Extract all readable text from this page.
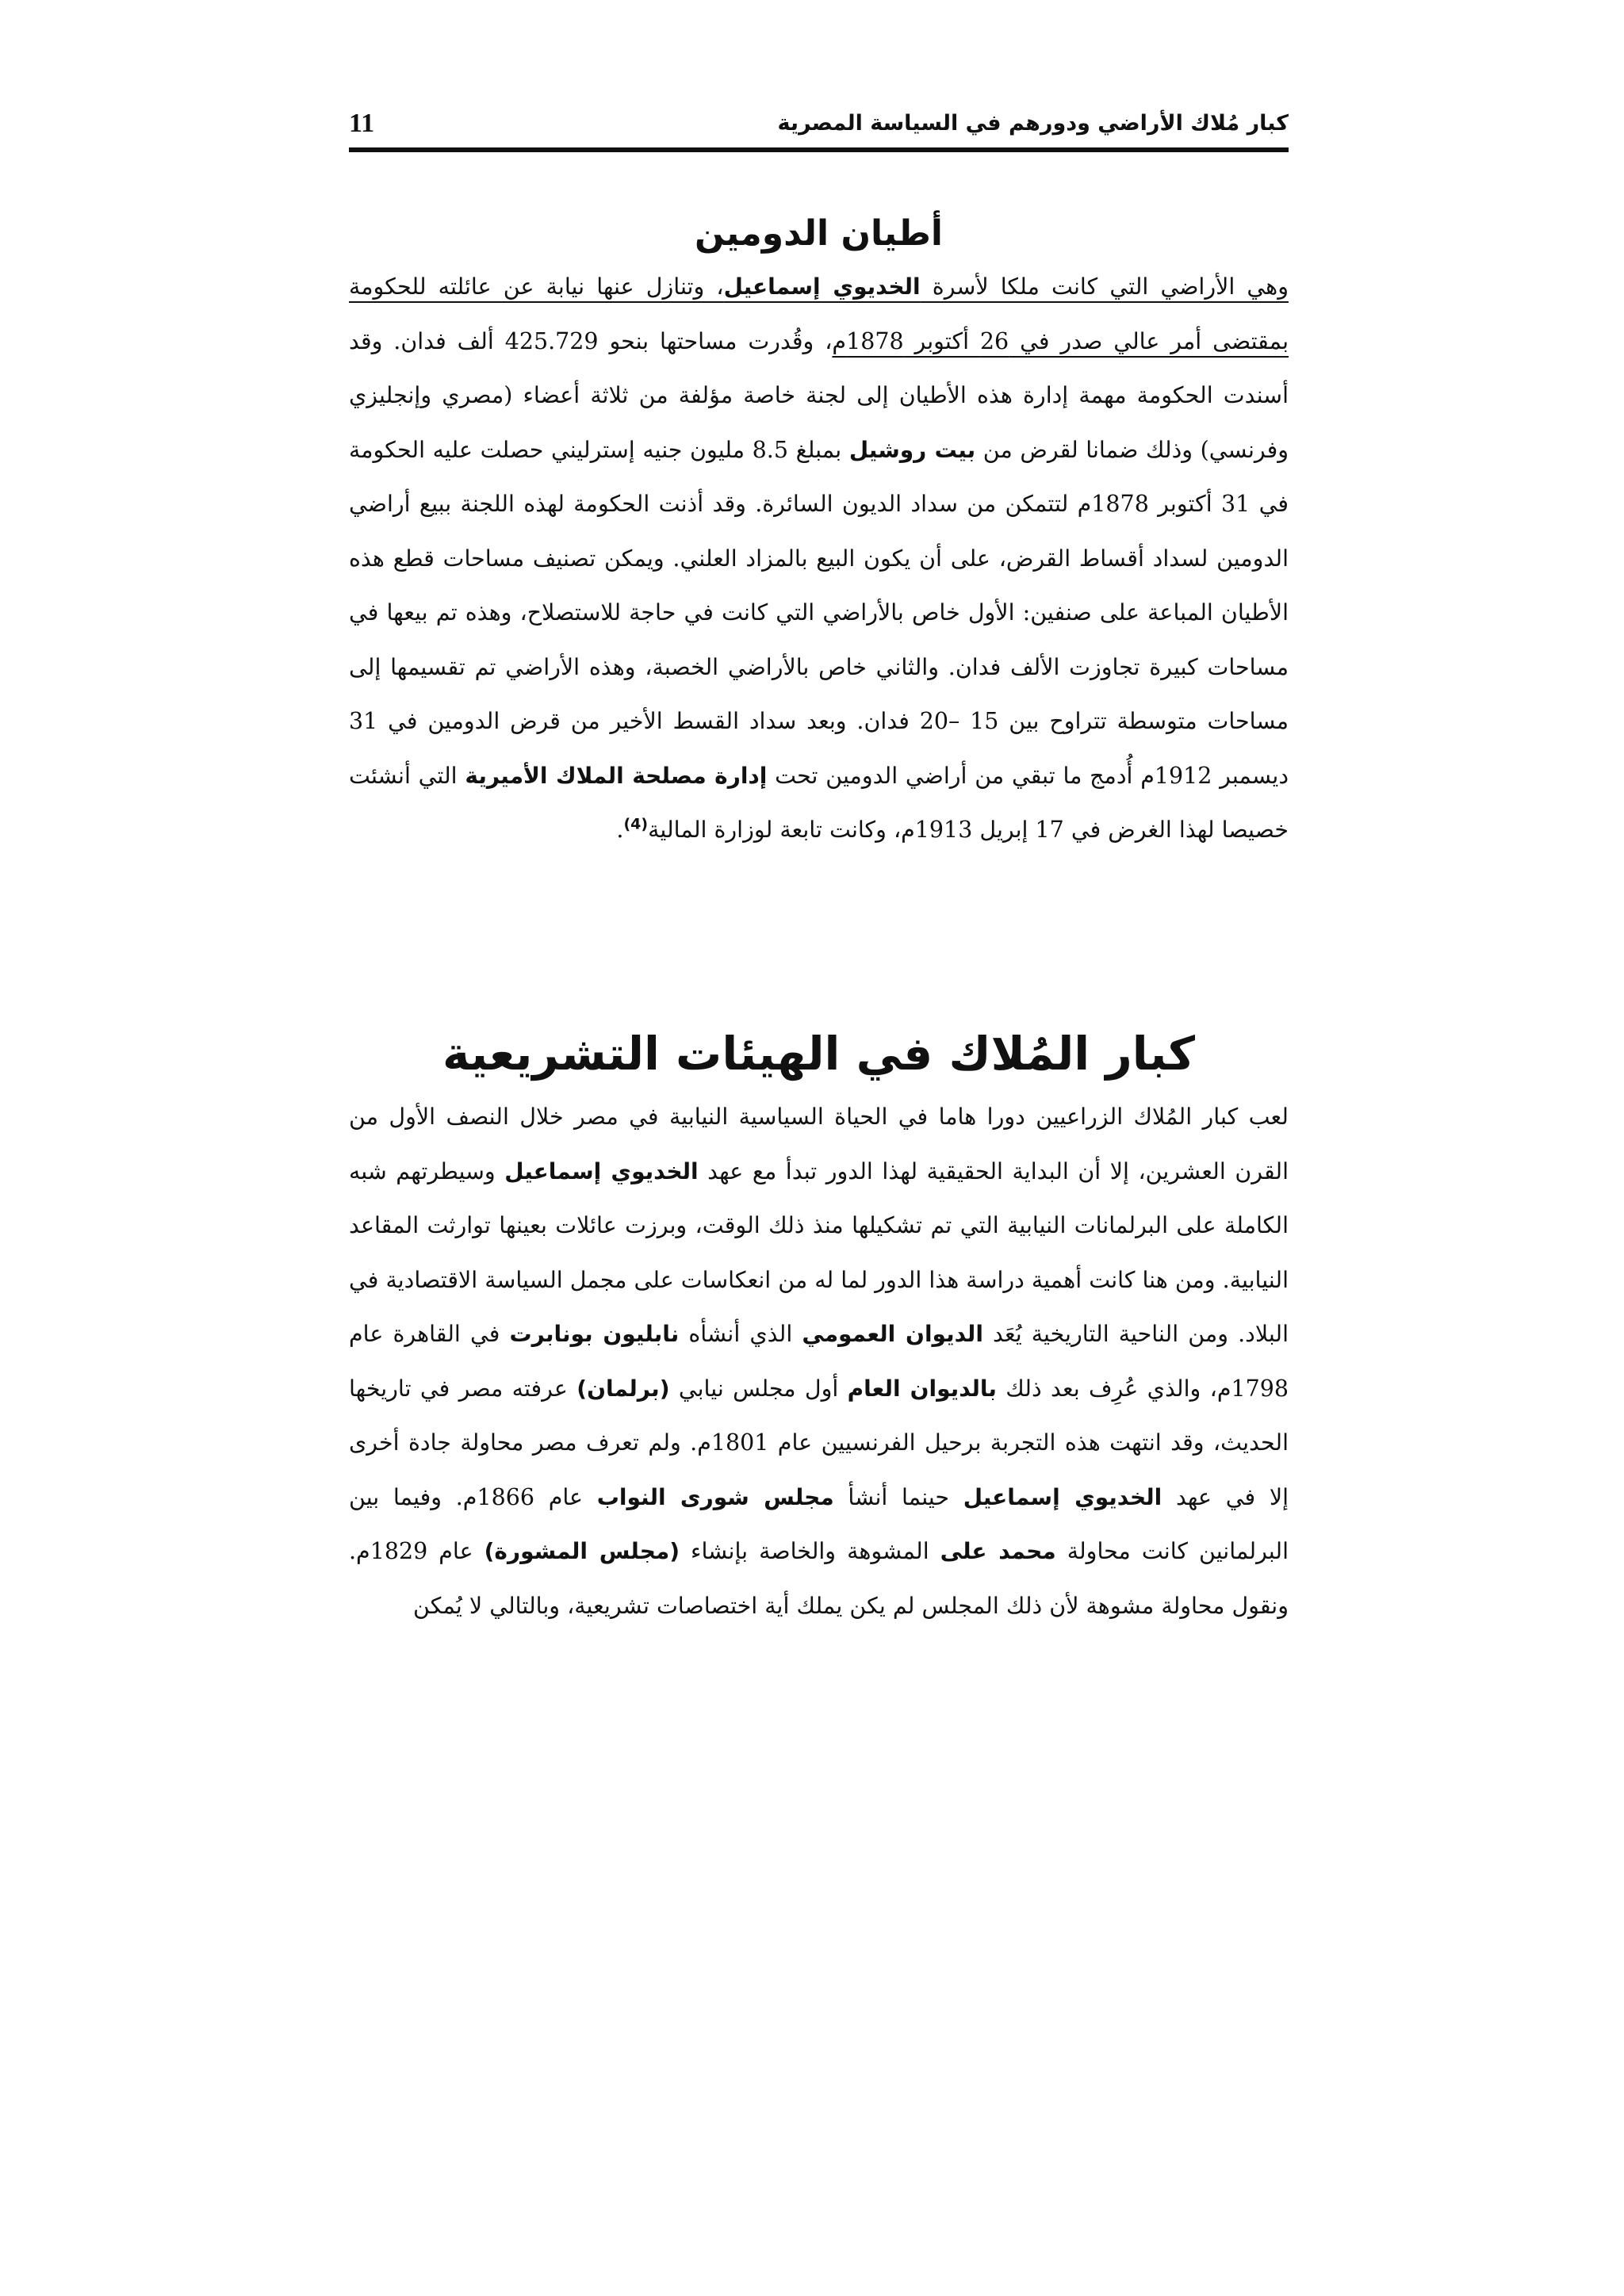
كبار مُلاك الأراضي ودورهم في السياسة المصرية
11
أطيان الدومين

وهي الأراضي التي كانت ملكا لأسرة الخديوي إسماعيل، وتنازل عنها نيابة عن عائلته للحكومة بمقتضى أمر عالي صدر في 26 أكتوبر 1878م، وقُدرت مساحتها بنحو 425.729 ألف فدان. وقد أسندت الحكومة مهمة إدارة هذه الأطيان إلى لجنة خاصة مؤلفة من ثلاثة أعضاء (مصري وإنجليزي وفرنسي) وذلك ضمانا لقرض من بيت روشيل بمبلغ 8.5 مليون جنيه إسترليني حصلت عليه الحكومة في 31 أكتوبر 1878م لتتمكن من سداد الديون السائرة. وقد أذنت الحكومة لهذه اللجنة ببيع أراضي الدومين لسداد أقساط القرض، على أن يكون البيع بالمزاد العلني. ويمكن تصنيف مساحات قطع هذه الأطيان المباعة على صنفين: الأول خاص بالأراضي التي كانت في حاجة للاستصلاح، وهذه تم بيعها في مساحات كبيرة تجاوزت الألف فدان. والثاني خاص بالأراضي الخصبة، وهذه الأراضي تم تقسيمها إلى مساحات متوسطة تتراوح بين 15 –20 فدان. وبعد سداد القسط الأخير من قرض الدومين في 31 ديسمبر 1912م أُدمج ما تبقي من أراضي الدومين تحت إدارة مصلحة الملاك الأميرية التي أنشئت خصيصا لهذا الغرض في 17 إبريل 1913م، وكانت تابعة لوزارة المالية$^{(4)}$.

كبار المُلاك في الهيئات التشريعية

لعب كبار المُلاك الزراعيين دورا هاما في الحياة السياسية النيابية في مصر خلال النصف الأول من القرن العشرين، إلا أن البداية الحقيقية لهذا الدور تبدأ مع عهد الخديوي إسماعيل وسيطرتهم شبه الكاملة على البرلمانات النيابية التي تم تشكيلها منذ ذلك الوقت، وبرزت عائلات بعينها توارثت المقاعد النيابية. ومن هنا كانت أهمية دراسة هذا الدور لما له من انعكاسات على مجمل السياسة الاقتصادية في البلاد. ومن الناحية التاريخية يُعَد الديوان العمومي الذي أنشأه نابليون بونابرت في القاهرة عام 1798م، والذي عُرِف بعد ذلك بالديوان العام أول مجلس نيابي (برلمان) عرفته مصر في تاريخها الحديث، وقد انتهت هذه التجربة برحيل الفرنسيين عام 1801م. ولم تعرف مصر محاولة جادة أخرى إلا في عهد الخديوي إسماعيل حينما أنشأ مجلس شورى النواب عام 1866م. وفيما بين البرلمانين كانت محاولة محمد على المشوهة والخاصة بإنشاء (مجلس المشورة) عام 1829م. ونقول محاولة مشوهة لأن ذلك المجلس لم يكن يملك أية اختصاصات تشريعية، وبالتالي لا يُمكن
